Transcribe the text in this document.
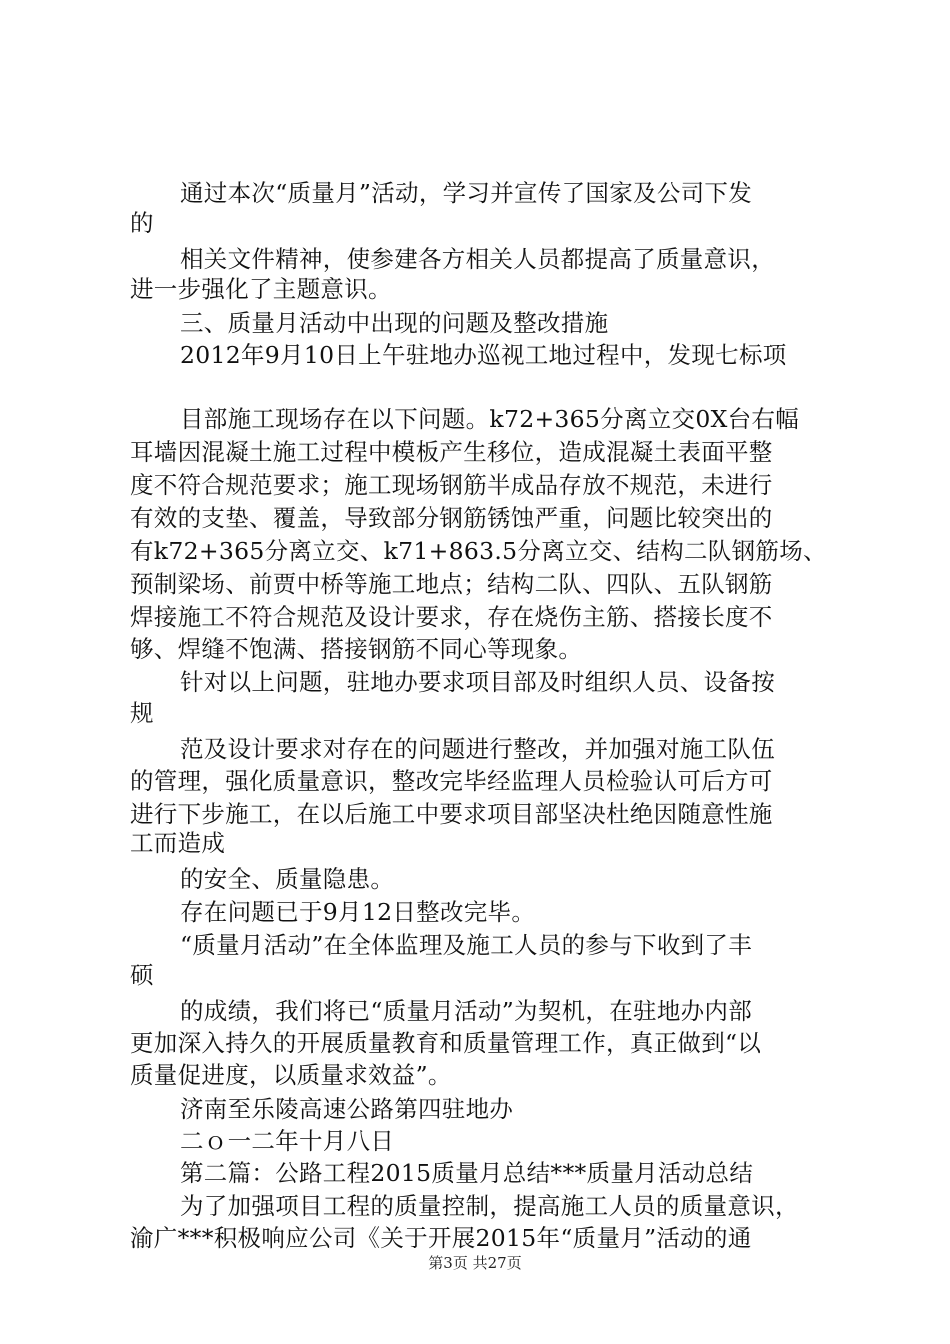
通过本次“质量月”活动，学习并宣传了国家及公司下发
的
相关文件精神，使参建各方相关人员都提高了质量意识，
进一步强化了主题意识。
三、质量月活动中出现的问题及整改措施
2012年9月10日上午驻地办巡视工地过程中，发现七标项
目部施工现场存在以下问题。k72+365分离立交0X台右幅
耳墙因混凝土施工过程中模板产生移位，造成混凝土表面平整
度不符合规范要求；施工现场钢筋半成品存放不规范，未进行
有效的支垫、覆盖，导致部分钢筋锈蚀严重，问题比较突出的
有k72+365分离立交、k71+863.5分离立交、结构二队钢筋场、
预制梁场、前贾中桥等施工地点；结构二队、四队、五队钢筋
焊接施工不符合规范及设计要求，存在烧伤主筋、搭接长度不
够、焊缝不饱满、搭接钢筋不同心等现象。
针对以上问题，驻地办要求项目部及时组织人员、设备按
规
范及设计要求对存在的问题进行整改，并加强对施工队伍
的管理，强化质量意识，整改完毕经监理人员检验认可后方可
进行下步施工，在以后施工中要求项目部坚决杜绝因随意性施
工而造成
的安全、质量隐患。
存在问题已于9月12日整改完毕。
“质量月活动”在全体监理及施工人员的参与下收到了丰
硕
的成绩，我们将已“质量月活动”为契机，在驻地办内部
更加深入持久的开展质量教育和质量管理工作，真正做到“以
质量促进度，以质量求效益”。
济南至乐陵高速公路第四驻地办
二ｏ一二年十月八日
第二篇：公路工程2015质量月总结***质量月活动总结
为了加强项目工程的质量控制，提高施工人员的质量意识，
渝广***积极响应公司《关于开展2015年“质量月”活动的通
第3页 共27页
